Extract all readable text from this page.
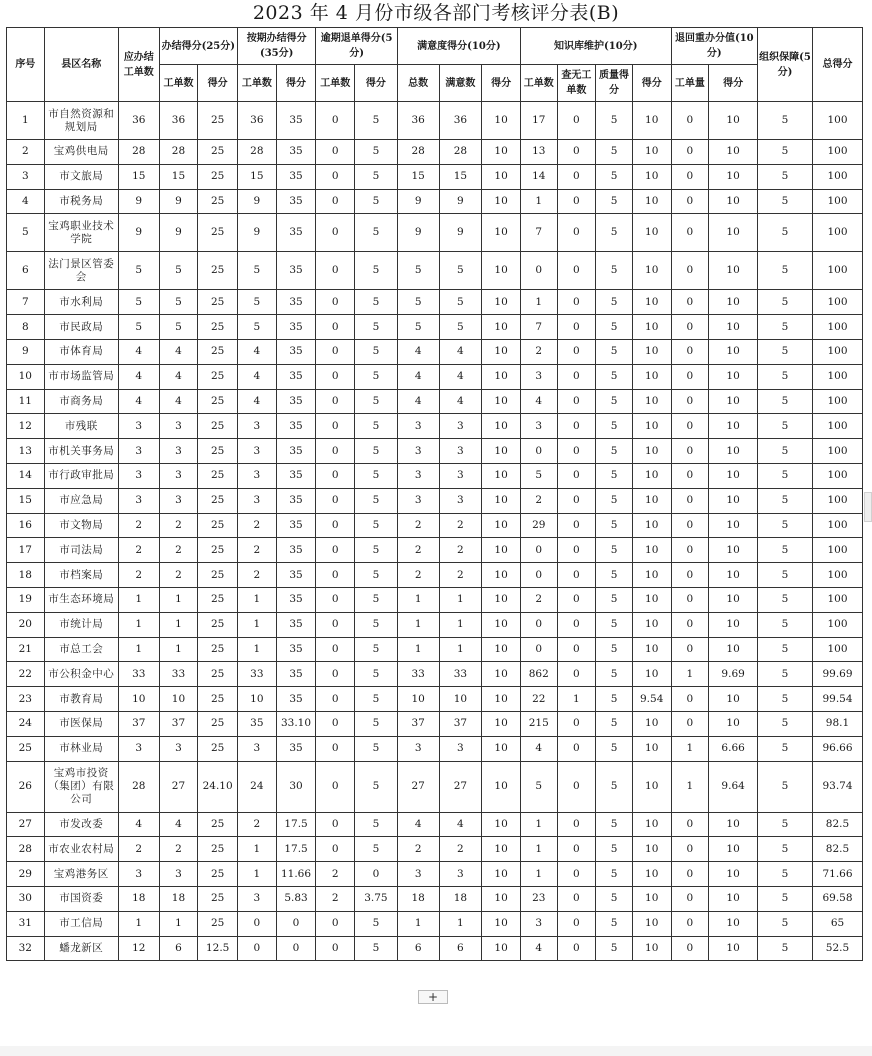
2023 年 4 月份市级各部门考核评分表(B)
序号	县区名称	应办结工单数	办结得分(25分)		按期办结得分(35分)		逾期退单得分(5分)		满意度得分(10分)			知识库维护(10分)				退回重办分值(10分)		组织保障(5分)	总得分
			工单数	得分	工单数	得分	工单数	得分	总数	满意数	得分	工单数	查无工单数	质量得分	得分	工单量	得分		
1	市自然资源和规划局	36	36	25	36	35	0	5	36	36	10	17	0	5	10	0	10	5	100
2	宝鸡供电局	28	28	25	28	35	0	5	28	28	10	13	0	5	10	0	10	5	100
3	市文旅局	15	15	25	15	35	0	5	15	15	10	14	0	5	10	0	10	5	100
4	市税务局	9	9	25	9	35	0	5	9	9	10	1	0	5	10	0	10	5	100
5	宝鸡职业技术学院	9	9	25	9	35	0	5	9	9	10	7	0	5	10	0	10	5	100
6	法门景区管委会	5	5	25	5	35	0	5	5	5	10	0	0	5	10	0	10	5	100
7	市水利局	5	5	25	5	35	0	5	5	5	10	1	0	5	10	0	10	5	100
8	市民政局	5	5	25	5	35	0	5	5	5	10	7	0	5	10	0	10	5	100
9	市体育局	4	4	25	4	35	0	5	4	4	10	2	0	5	10	0	10	5	100
10	市市场监管局	4	4	25	4	35	0	5	4	4	10	3	0	5	10	0	10	5	100
11	市商务局	4	4	25	4	35	0	5	4	4	10	4	0	5	10	0	10	5	100
12	市残联	3	3	25	3	35	0	5	3	3	10	3	0	5	10	0	10	5	100
13	市机关事务局	3	3	25	3	35	0	5	3	3	10	0	0	5	10	0	10	5	100
14	市行政审批局	3	3	25	3	35	0	5	3	3	10	5	0	5	10	0	10	5	100
15	市应急局	3	3	25	3	35	0	5	3	3	10	2	0	5	10	0	10	5	100
16	市文物局	2	2	25	2	35	0	5	2	2	10	29	0	5	10	0	10	5	100
17	市司法局	2	2	25	2	35	0	5	2	2	10	0	0	5	10	0	10	5	100
18	市档案局	2	2	25	2	35	0	5	2	2	10	0	0	5	10	0	10	5	100
19	市生态环境局	1	1	25	1	35	0	5	1	1	10	2	0	5	10	0	10	5	100
20	市统计局	1	1	25	1	35	0	5	1	1	10	0	0	5	10	0	10	5	100
21	市总工会	1	1	25	1	35	0	5	1	1	10	0	0	5	10	0	10	5	100
22	市公积金中心	33	33	25	33	35	0	5	33	33	10	862	0	5	10	1	9.69	5	99.69
23	市教育局	10	10	25	10	35	0	5	10	10	10	22	1	5	9.54	0	10	5	99.54
24	市医保局	37	37	25	35	33.10	0	5	37	37	10	215	0	5	10	0	10	5	98.1
25	市林业局	3	3	25	3	35	0	5	3	3	10	4	0	5	10	1	6.66	5	96.66
26	宝鸡市投资（集团）有限公司	28	27	24.10	24	30	0	5	27	27	10	5	0	5	10	1	9.64	5	93.74
27	市发改委	4	4	25	2	17.5	0	5	4	4	10	1	0	5	10	0	10	5	82.5
28	市农业农村局	2	2	25	1	17.5	0	5	2	2	10	1	0	5	10	0	10	5	82.5
29	宝鸡港务区	3	3	25	1	11.66	2	0	3	3	10	1	0	5	10	0	10	5	71.66
30	市国资委	18	18	25	3	5.83	2	3.75	18	18	10	23	0	5	10	0	10	5	69.58
31	市工信局	1	1	25	0	0	0	5	1	1	10	3	0	5	10	0	10	5	65
32	蟠龙新区	12	6	12.5	0	0	0	5	6	6	10	4	0	5	10	0	10	5	52.5
+
